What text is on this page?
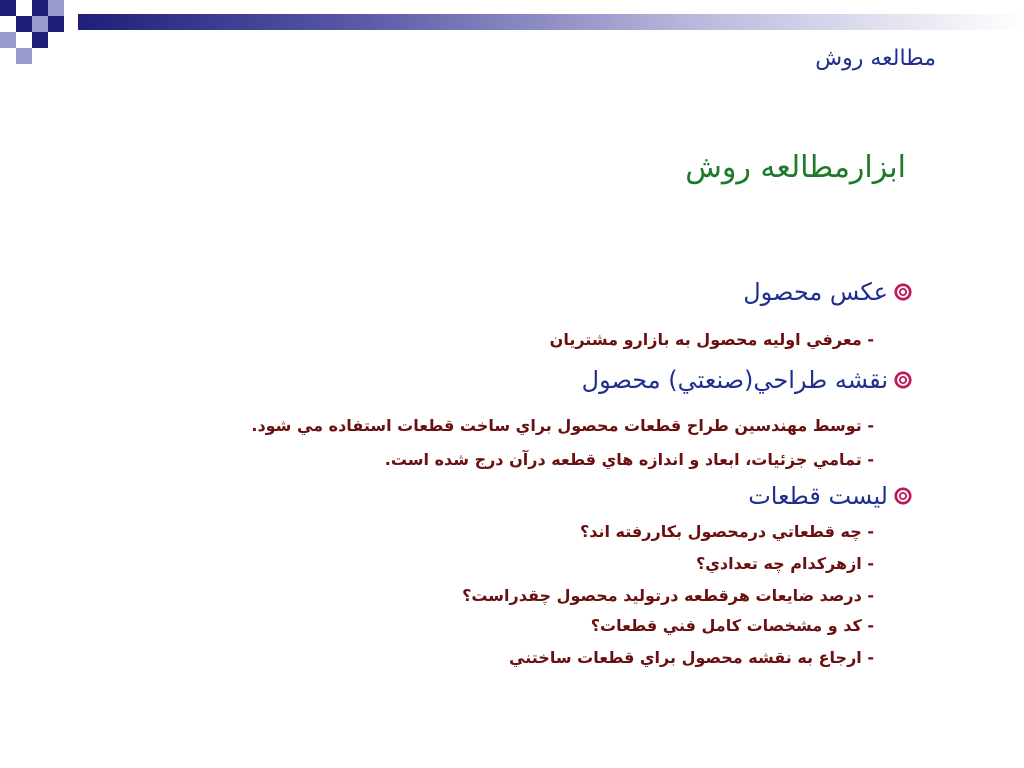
مطالعه روش
ابزارمطالعه روش
عکس محصول
- معرفي اوليه محصول به بازارو مشتريان
نقشه طراحي(صنعتي) محصول
- توسط مهندسين طراح قطعات محصول براي ساخت قطعات استفاده مي شود.
- تمامي جزئيات، ابعاد و اندازه هاي قطعه درآن درج شده است.
ليست قطعات
- چه قطعاتي درمحصول بكاررفته اند؟
- ازهركدام چه تعدادي؟
- درصد ضايعات هرقطعه درتوليد محصول چقدراست؟
- كد و مشخصات كامل فني قطعات؟
- ارجاع به نقشه محصول براي قطعات ساختني
